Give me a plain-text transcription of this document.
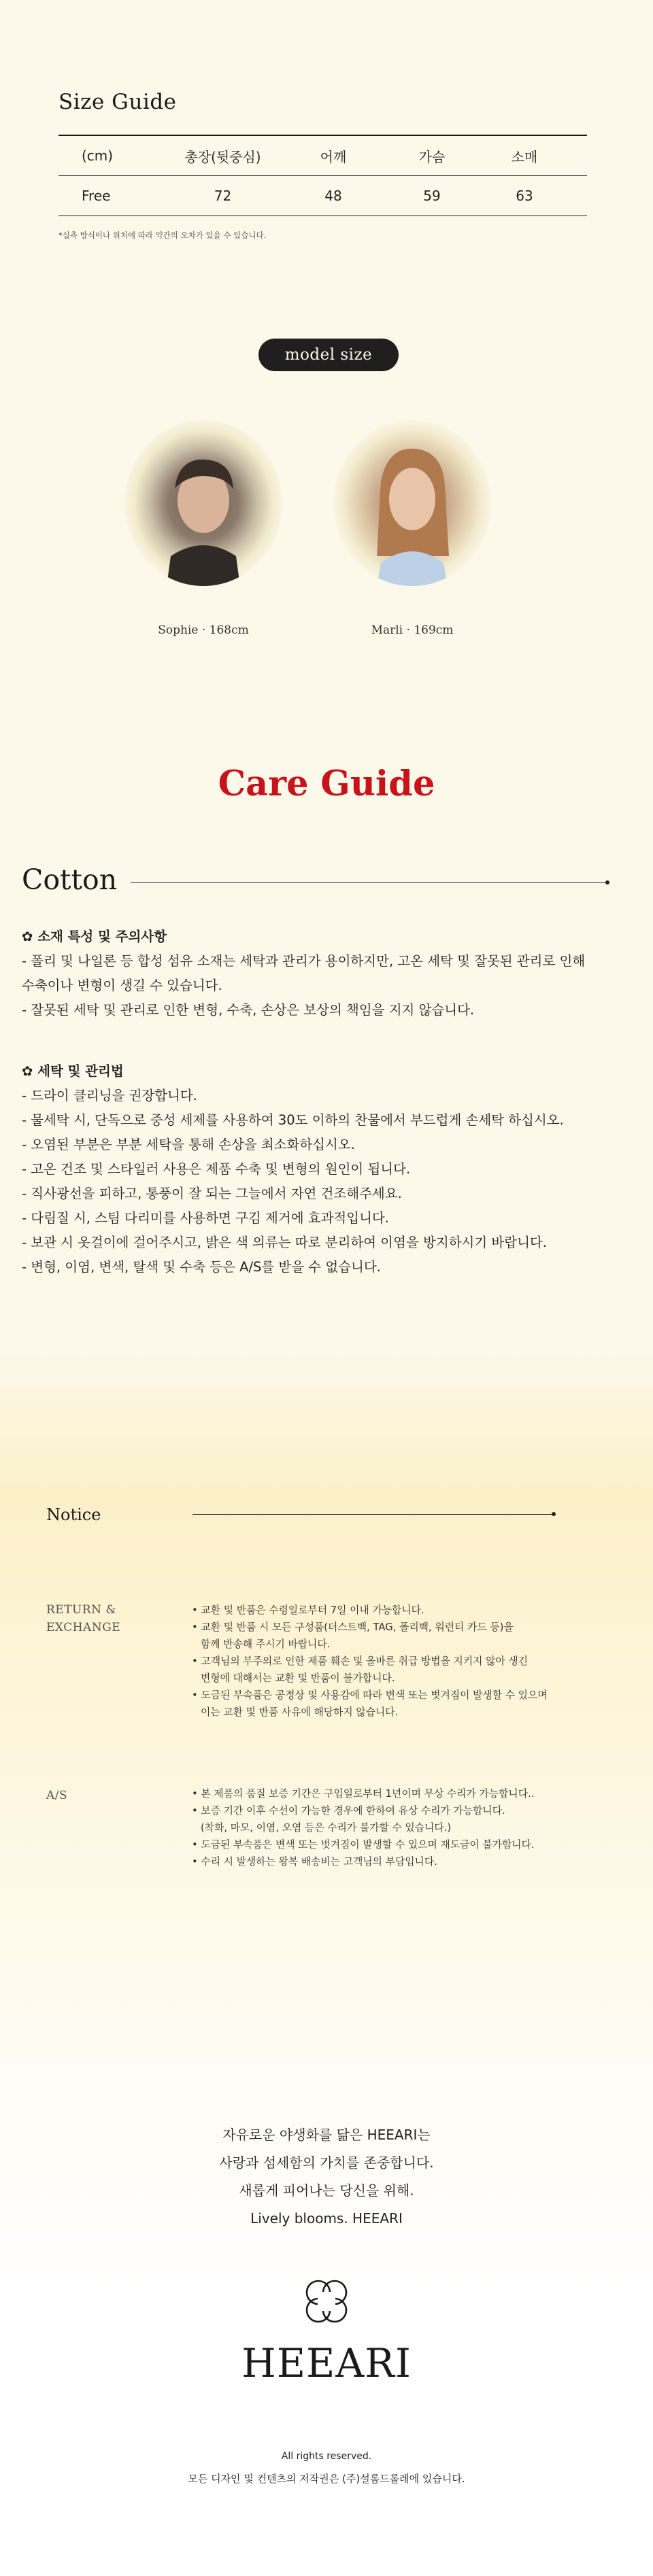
Size Guide
(cm)	총장(뒷중심)	어깨	가슴	소매
Free	72	48	59	63
*실측 방식이나 위치에 따라 약간의 오차가 있을 수 있습니다.
model size
Sophie · 168cm	Marli · 169cm
Care Guide
Cotton
✿ 소재 특성 및 주의사항
- 폴리 및 나일론 등 합성 섬유 소재는 세탁과 관리가 용이하지만, 고온 세탁 및 잘못된 관리로 인해
수축이나 변형이 생길 수 있습니다.
- 잘못된 세탁 및 관리로 인한 변형, 수축, 손상은 보상의 책임을 지지 않습니다.
✿ 세탁 및 관리법
- 드라이 클리닝을 권장합니다.
- 물세탁 시, 단독으로 중성 세제를 사용하여 30도 이하의 찬물에서 부드럽게 손세탁 하십시오.
- 오염된 부분은 부분 세탁을 통해 손상을 최소화하십시오.
- 고온 건조 및 스타일러 사용은 제품 수축 및 변형의 원인이 됩니다.
- 직사광선을 피하고, 통풍이 잘 되는 그늘에서 자연 건조해주세요.
- 다림질 시, 스팀 다리미를 사용하면 구김 제거에 효과적입니다.
- 보관 시 옷걸이에 걸어주시고, 밝은 색 의류는 따로 분리하여 이염을 방지하시기 바랍니다.
- 변형, 이염, 변색, 탈색 및 수축 등은 A/S를 받을 수 없습니다.
Notice
RETURN &
EXCHANGE
• 교환 및 반품은 수령일로부터 7일 이내 가능합니다.
• 교환 및 반품 시 모든 구성품(더스트백, TAG, 폴리백, 워런티 카드 등)을
함께 반송해 주시기 바랍니다.
• 고객님의 부주의로 인한 제품 훼손 및 올바른 취급 방법을 지키지 않아 생긴
변형에 대해서는 교환 및 반품이 불가합니다.
• 도금된 부속품은 공정상 및 사용감에 따라 변색 또는 벗겨짐이 발생할 수 있으며
이는 교환 및 반품 사유에 해당하지 않습니다.
A/S	• 본 제품의 품질 보증 기간은 구입일로부터 1년이며 무상 수리가 가능합니다..
• 보증 기간 이후 수선이 가능한 경우에 한하여 유상 수리가 가능합니다.
(착화, 마모, 이염, 오염 등은 수리가 불가할 수 있습니다.)
• 도금된 부속품은 변색 또는 벗겨짐이 발생할 수 있으며 재도금이 불가합니다.
• 수리 시 발생하는 왕복 배송비는 고객님의 부담입니다.
자유로운 야생화를 닮은 HEEARI는
사랑과 섬세함의 가치를 존중합니다.
새롭게 피어나는 당신을 위해.
Lively blooms. HEEARI
HEEARI
All rights reserved.
모든 디자인 및 컨텐츠의 저작권은 (주)설롬드롤레에 있습니다.
